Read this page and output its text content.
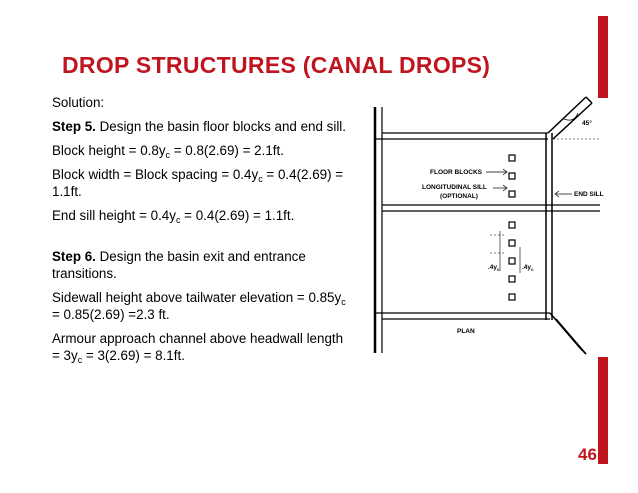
DROP STRUCTURES (CANAL DROPS)

Solution:

Step 5. Design the basin floor blocks and end sill.

Block height = $0.8y_c = 0.8(2.69) = 2.1ft$.

Block width = Block spacing = $0.4y_c = 0.4(2.69) = 1.1ft$.

End sill height = $0.4y_c = 0.4(2.69) = 1.1ft$.

Step 6. Design the basin exit and entrance transitions.

Sidewall height above tailwater elevation = $0.85y_c = 0.85(2.69) =2.3$ ft.

Armour approach channel above headwall length = $3y_c = 3(2.69) = 8.1ft$.

45°
FLOOR BLOCKS
LONGITUDINAL SILL
(OPTIONAL)	END SILL
$.4y_c$	$.4y_c$
PLAN
46
